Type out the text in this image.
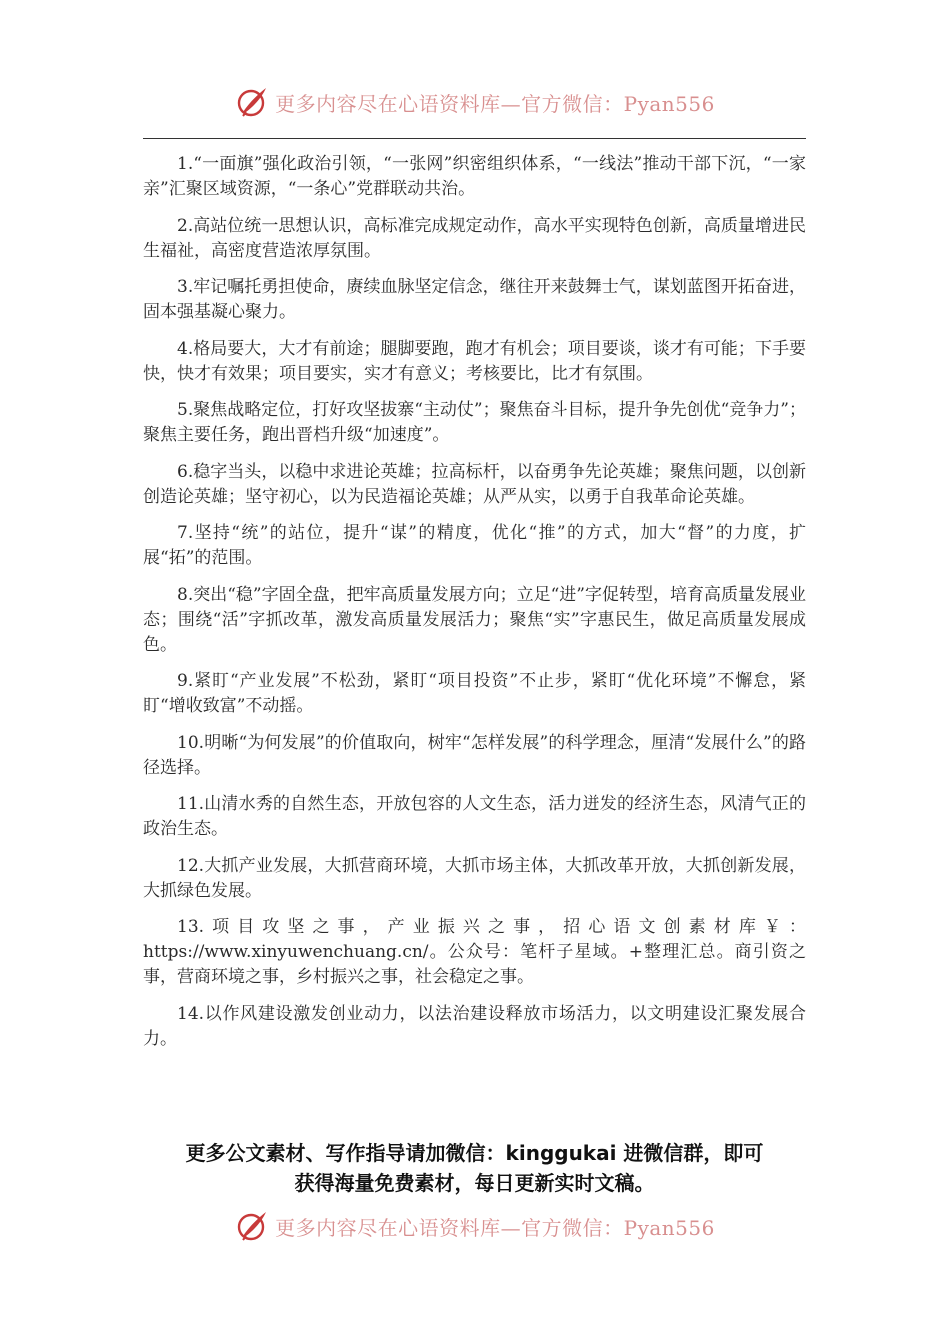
更多内容尽在心语资料库—官方微信：Pyan556

1.“一面旗”强化政治引领，“一张网”织密组织体系，“一线法”推动干部下沉，“一家亲”汇聚区域资源，“一条心”党群联动共治。

2.高站位统一思想认识，高标准完成规定动作，高水平实现特色创新，高质量增进民生福祉，高密度营造浓厚氛围。

3.牢记嘱托勇担使命，赓续血脉坚定信念，继往开来鼓舞士气，谋划蓝图开拓奋进，固本强基凝心聚力。

4.格局要大，大才有前途；腿脚要跑，跑才有机会；项目要谈，谈才有可能；下手要快，快才有效果；项目要实，实才有意义；考核要比，比才有氛围。

5.聚焦战略定位，打好攻坚拔寨“主动仗”；聚焦奋斗目标，提升争先创优“竞争力”；聚焦主要任务，跑出晋档升级“加速度”。

6.稳字当头，以稳中求进论英雄；拉高标杆，以奋勇争先论英雄；聚焦问题，以创新创造论英雄；坚守初心，以为民造福论英雄；从严从实，以勇于自我革命论英雄。

7.坚持“统”的站位，提升“谋”的精度，优化“推”的方式，加大“督”的力度，扩展“拓”的范围。

8.突出“稳”字固全盘，把牢高质量发展方向；立足“进”字促转型，培育高质量发展业态；围绕“活”字抓改革，激发高质量发展活力；聚焦“实”字惠民生，做足高质量发展成色。

9.紧盯“产业发展”不松劲，紧盯“项目投资”不止步，紧盯“优化环境”不懈怠，紧盯“增收致富”不动摇。

10.明晰“为何发展”的价值取向，树牢“怎样发展”的科学理念，厘清“发展什么”的路径选择。

11.山清水秀的自然生态，开放包容的人文生态，活力迸发的经济生态，风清气正的政治生态。

12.大抓产业发展，大抓营商环境，大抓市场主体，大抓改革开放，大抓创新发展，大抓绿色发展。

13.项目攻坚之事，产业振兴之事，招心语文创素材库￥：https://www.xinyuwenchuang.cn/。公众号：笔杆子星域。+整理汇总。商引资之事，营商环境之事，乡村振兴之事，社会稳定之事。

14.以作风建设激发创业动力，以法治建设释放市场活力，以文明建设汇聚发展合力。

更多公文素材、写作指导请加微信：kinggukai 进微信群，即可
获得海量免费素材，每日更新实时文稿。
更多内容尽在心语资料库—官方微信：Pyan556
